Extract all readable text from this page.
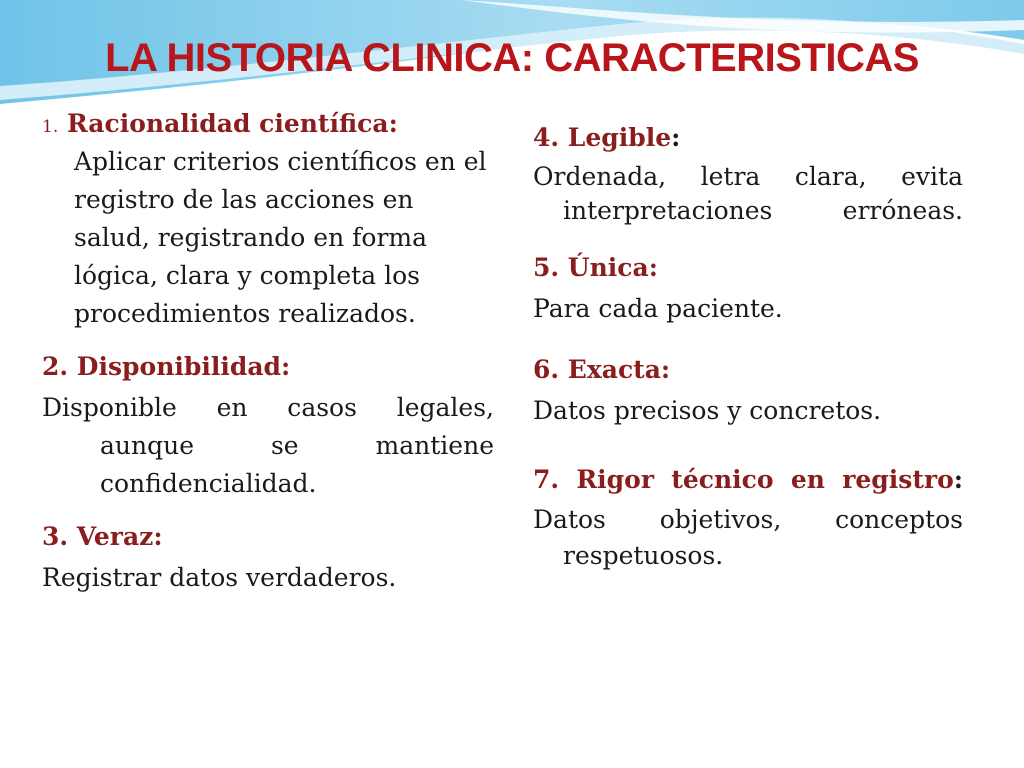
LA HISTORIA CLINICA: CARACTERISTICAS
1. Racionalidad científica:
Aplicar criterios científicos en el registro de las acciones en salud, registrando en forma lógica, clara y completa los procedimientos realizados.
2. Disponibilidad:
Disponible en casos legales, aunque se mantiene confidencialidad.
3. Veraz:
Registrar datos verdaderos.
4. Legible:
Ordenada, letra clara, evita interpretaciones erróneas.
5. Única:
Para cada paciente.
6. Exacta:
Datos precisos y concretos.
7. Rigor técnico en registro:
Datos objetivos, conceptos respetuosos.
